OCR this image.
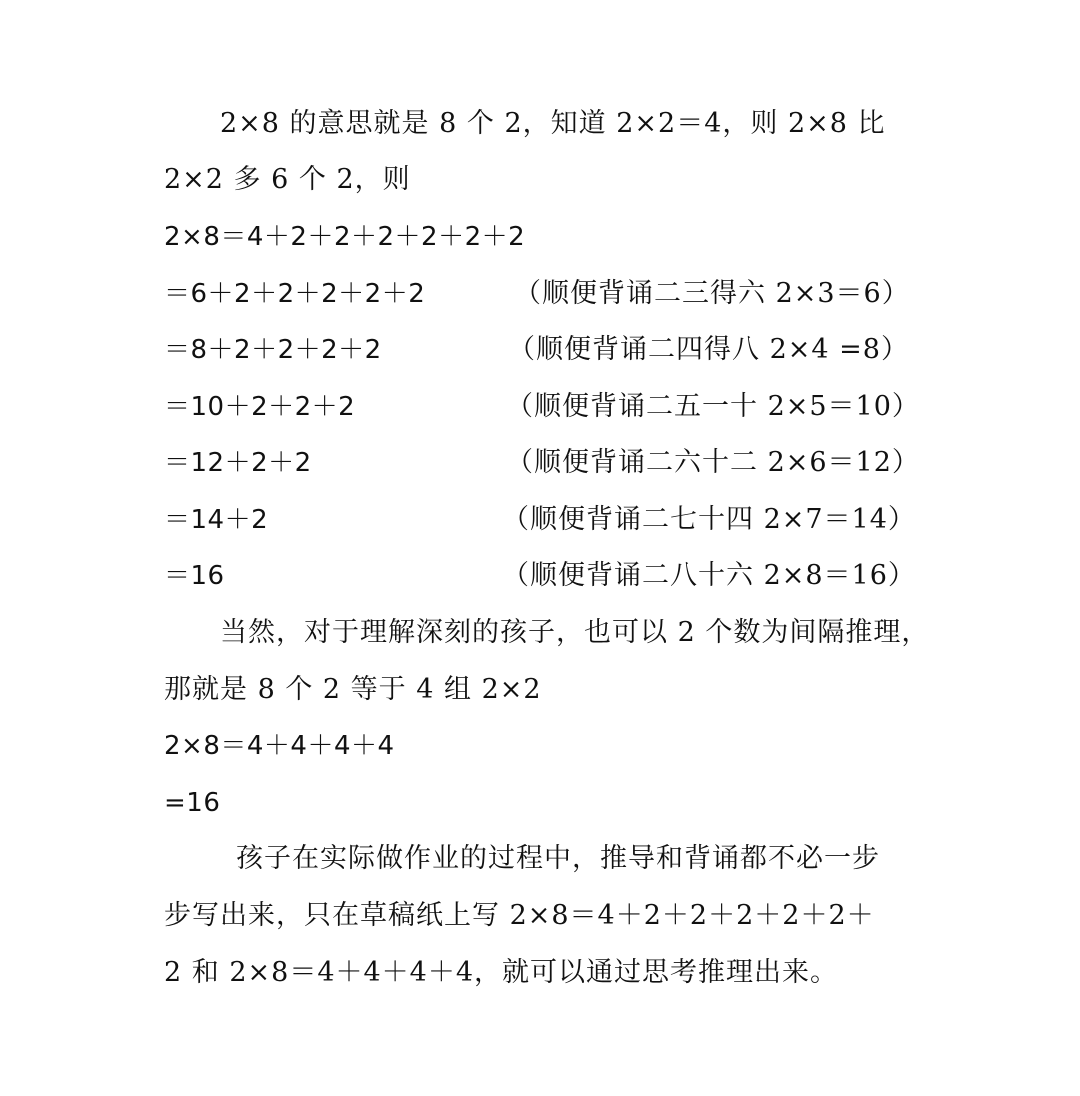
2×8 的意思就是 8 个 2，知道 2×2＝4，则 2×8 比
2×2 多 6 个 2，则
2×8＝4＋2＋2＋2＋2＋2＋2
＝6＋2＋2＋2＋2＋2	（顺便背诵二三得六 2×3＝6）
＝8＋2＋2＋2＋2	（顺便背诵二四得八 2×4 =8）
＝10＋2＋2＋2	（顺便背诵二五一十 2×5＝10）
＝12＋2＋2	（顺便背诵二六十二 2×6＝12）
＝14＋2	（顺便背诵二七十四 2×7＝14）
＝16	（顺便背诵二八十六 2×8＝16）
当然，对于理解深刻的孩子，也可以 2 个数为间隔推理，
那就是 8 个 2 等于 4 组 2×2
2×8＝4＋4＋4＋4
=16
孩子在实际做作业的过程中，推导和背诵都不必一步
步写出来，只在草稿纸上写 2×8＝4＋2＋2＋2＋2＋2＋
2 和 2×8＝4＋4＋4＋4，就可以通过思考推理出来。
